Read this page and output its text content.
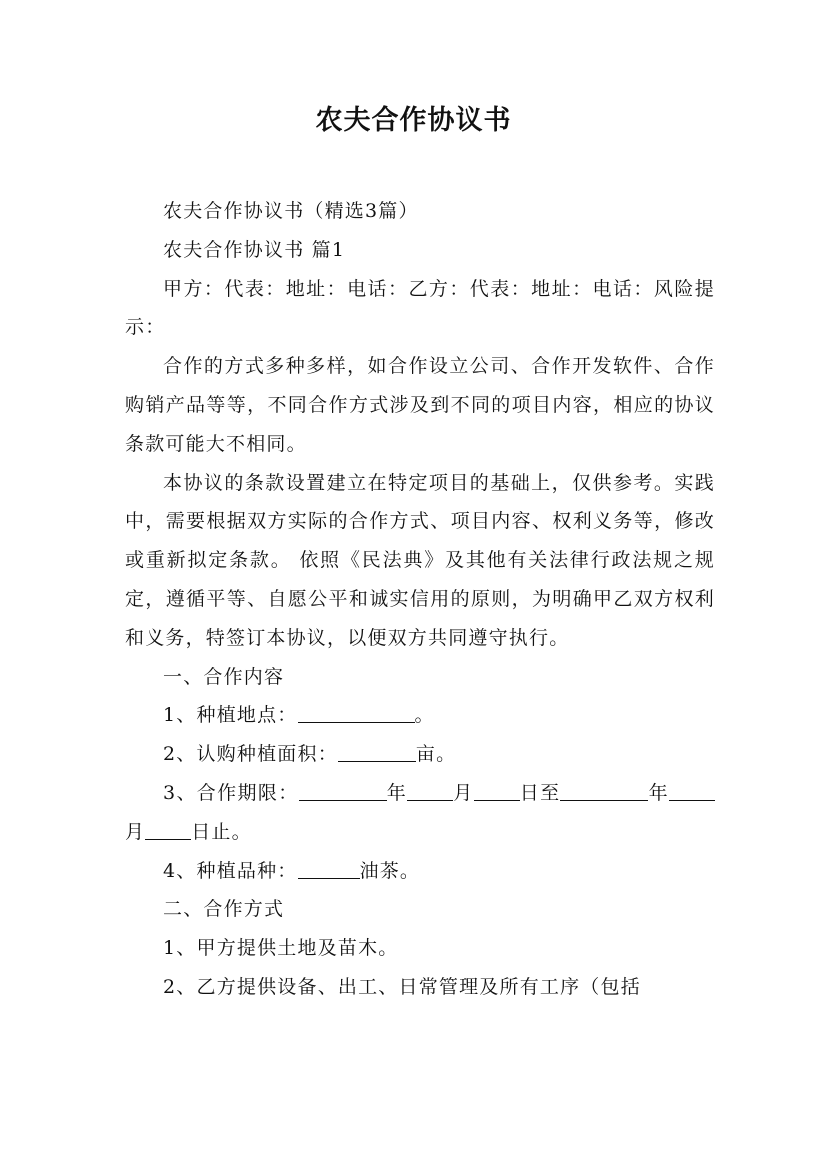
农夫合作协议书

农夫合作协议书（精选3篇）

农夫合作协议书 篇1

甲方：代表：地址：电话：乙方：代表：地址：电话：风险提示：

合作的方式多种多样，如合作设立公司、合作开发软件、合作购销产品等等，不同合作方式涉及到不同的项目内容，相应的协议条款可能大不相同。

本协议的条款设置建立在特定项目的基础上，仅供参考。实践中，需要根据双方实际的合作方式、项目内容、权利义务等，修改或重新拟定条款。 依照《民法典》及其他有关法律行政法规之规定，遵循平等、自愿公平和诚实信用的原则，为明确甲乙双方权利和义务，特签订本协议，以便双方共同遵守执行。

一、合作内容

1、种植地点：	。

2、认购种植面积：	亩。

3、合作期限：	年 月 日至	年月 日止。

4、种植品种：	油茶。

二、合作方式

1、甲方提供土地及苗木。

2、乙方提供设备、出工、日常管理及所有工序（包括
